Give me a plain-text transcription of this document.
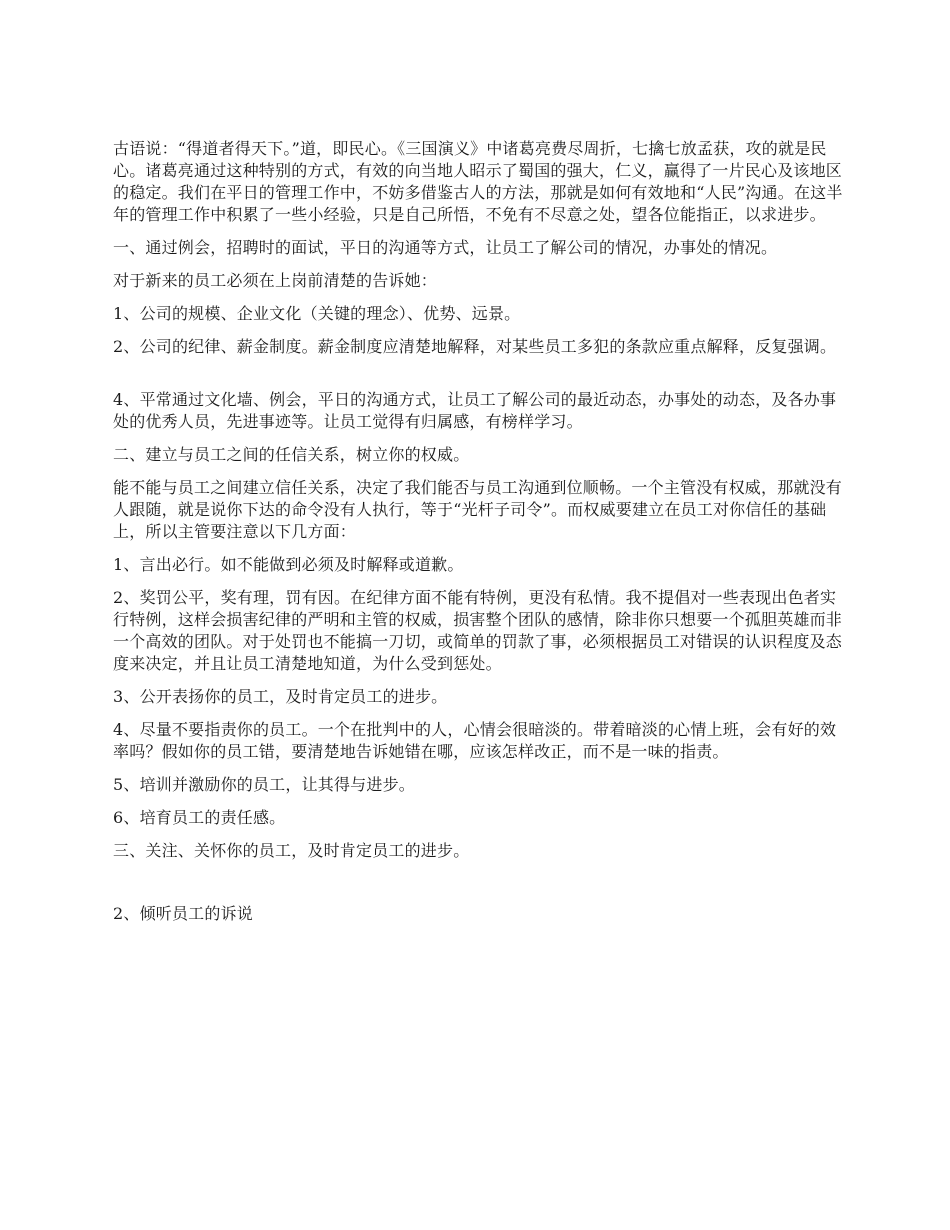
古语说：“得道者得天下。”道，即民心。《三国演义》中诸葛亮费尽周折，七擒七放孟获，攻的就是民心。诸葛亮通过这种特别的方式，有效的向当地人昭示了蜀国的强大，仁义，赢得了一片民心及该地区的稳定。我们在平日的管理工作中，不妨多借鉴古人的方法，那就是如何有效地和“人民”沟通。在这半年的管理工作中积累了一些小经验，只是自己所悟，不免有不尽意之处，望各位能指正，以求进步。

一、通过例会，招聘时的面试，平日的沟通等方式，让员工了解公司的情况，办事处的情况。

对于新来的员工必须在上岗前清楚的告诉她：

1、公司的规模、企业文化（关键的理念）、优势、远景。

2、公司的纪律、薪金制度。薪金制度应清楚地解释，对某些员工多犯的条款应重点解释，反复强调。

4、平常通过文化墙、例会，平日的沟通方式，让员工了解公司的最近动态，办事处的动态，及各办事处的优秀人员，先进事迹等。让员工觉得有归属感，有榜样学习。

二、建立与员工之间的任信关系，树立你的权威。

能不能与员工之间建立信任关系，决定了我们能否与员工沟通到位顺畅。一个主管没有权威，那就没有人跟随，就是说你下达的命令没有人执行，等于“光杆子司令”。而权威要建立在员工对你信任的基础上，所以主管要注意以下几方面：

1、言出必行。如不能做到必须及时解释或道歉。

2、奖罚公平，奖有理，罚有因。在纪律方面不能有特例，更没有私情。我不提倡对一些表现出色者实行特例，这样会损害纪律的严明和主管的权威，损害整个团队的感情，除非你只想要一个孤胆英雄而非一个高效的团队。对于处罚也不能搞一刀切，或简单的罚款了事，必须根据员工对错误的认识程度及态度来决定，并且让员工清楚地知道，为什么受到惩处。

3、公开表扬你的员工，及时肯定员工的进步。

4、尽量不要指责你的员工。一个在批判中的人，心情会很暗淡的。带着暗淡的心情上班，会有好的效率吗？假如你的员工错，要清楚地告诉她错在哪，应该怎样改正，而不是一味的指责。

5、培训并激励你的员工，让其得与进步。

6、培育员工的责任感。

三、关注、关怀你的员工，及时肯定员工的进步。

2、倾听员工的诉说
